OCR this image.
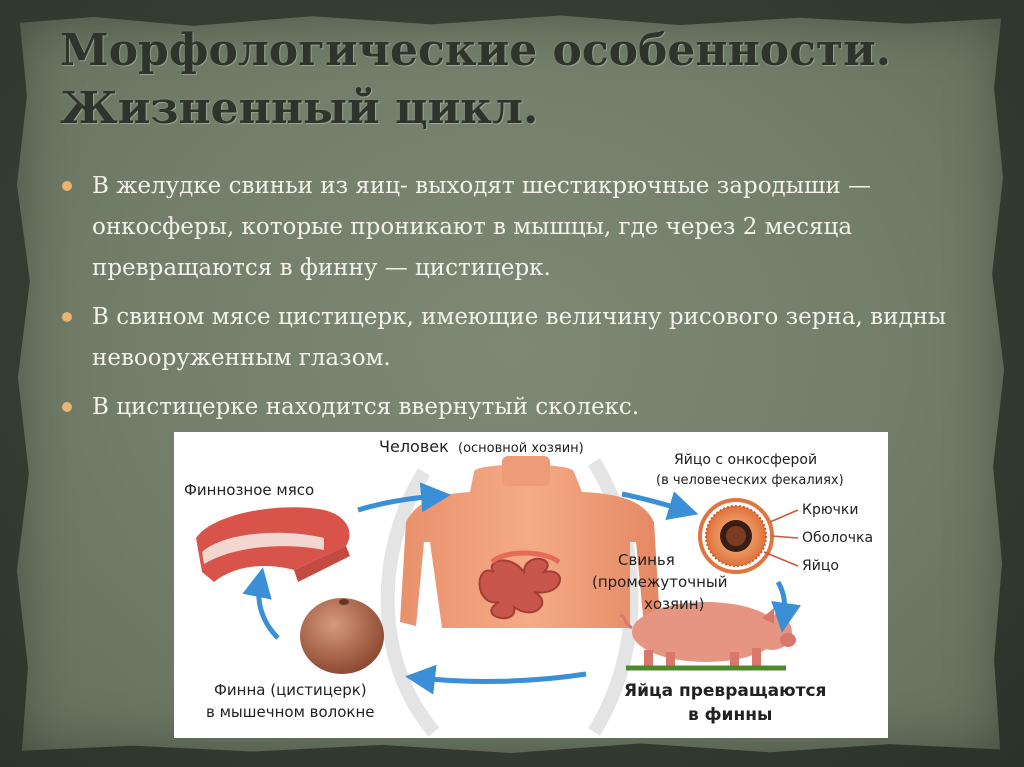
Морфологические особенности.
Жизненный цикл.
В желудке свиньи из яиц- выходят шестикрючные зародыши — онкосферы, которые проникают в мышцы, где через 2 месяца превращаются в финну — цистицерк.
В свином мясе цистицерк, имеющие величину рисового зерна, видны невооруженным глазом.
В цистицерке находится ввернутый сколекс.
Человек (основной хозяин)
Финнозное мясо
Финна (цистицерк)
в мышечном волокне
Яйцо с онкосферой
(в человеческих фекалиях)
Крючки
Оболочка
Яйцо
Свинья
(промежуточный
хозяин)
Яйца превращаются
в финны
